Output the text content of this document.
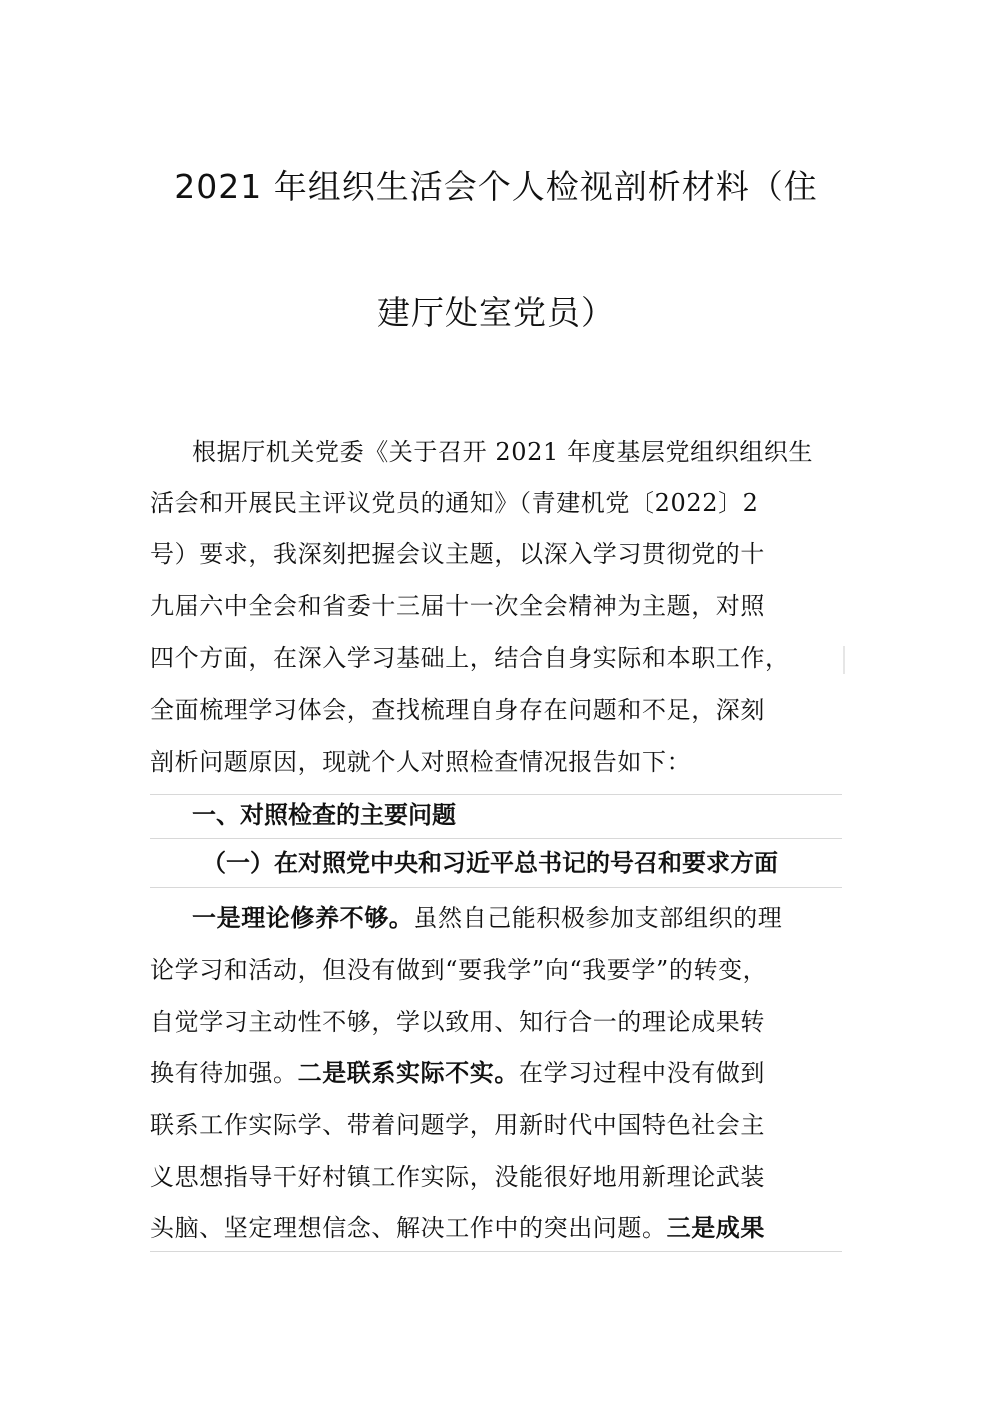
2021 年组织生活会个人检视剖析材料（住
建厅处室党员）
根据厅机关党委《关于召开 2021 年度基层党组织组织生
活会和开展民主评议党员的通知》（青建机党〔2022〕2
号）要求，我深刻把握会议主题，以深入学习贯彻党的十
九届六中全会和省委十三届十一次全会精神为主题，对照
四个方面，在深入学习基础上，结合自身实际和本职工作，
全面梳理学习体会，查找梳理自身存在问题和不足，深刻
剖析问题原因，现就个人对照检查情况报告如下：
一、对照检查的主要问题
（一）在对照党中央和习近平总书记的号召和要求方面
一是理论修养不够。虽然自己能积极参加支部组织的理
论学习和活动，但没有做到“要我学”向“我要学”的转变，
自觉学习主动性不够，学以致用、知行合一的理论成果转
换有待加强。二是联系实际不实。在学习过程中没有做到
联系工作实际学、带着问题学，用新时代中国特色社会主
义思想指导干好村镇工作实际，没能很好地用新理论武装
头脑、坚定理想信念、解决工作中的突出问题。三是成果
